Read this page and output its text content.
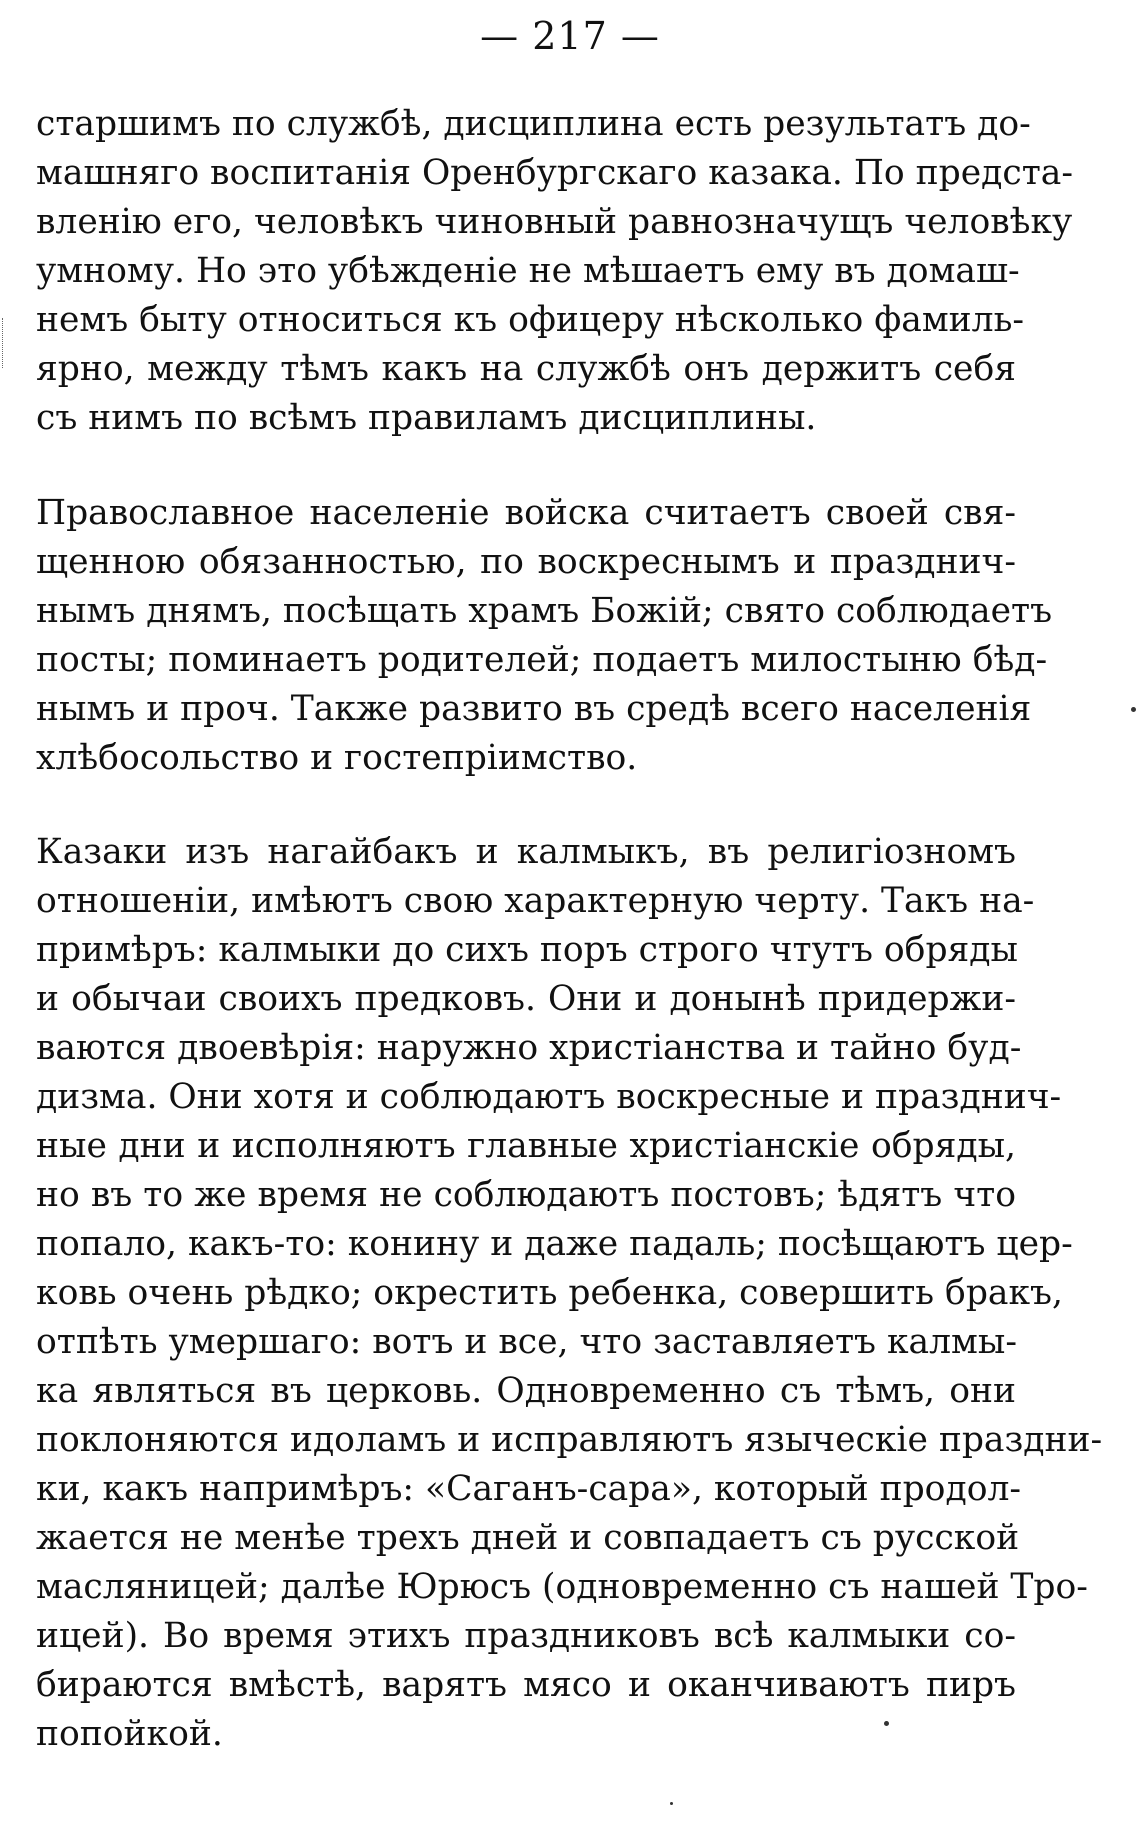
— 217 —
старшимъ по службѣ, дисциплина есть результатъ до-
машняго воспитанія Оренбургскаго казака. По предста-
вленію его, человѣкъ чиновный равнозначущъ человѣку
умному. Но это убѣжденіе не мѣшаетъ ему въ домаш-
немъ быту относиться къ офицеру нѣсколько фамиль-
ярно, между тѣмъ какъ на службѣ онъ держитъ себя
съ нимъ по всѣмъ правиламъ дисциплины.
Православное населеніе войска считаетъ своей свя-
щенною обязанностью, по воскреснымъ и празднич-
нымъ днямъ, посѣщать храмъ Божій; свято соблюдаетъ
посты; поминаетъ родителей; подаетъ милостыню бѣд-
нымъ и проч. Также развито въ средѣ всего населенія
хлѣбосольство и гостепріимство.
Казаки изъ нагайбакъ и калмыкъ, въ религіозномъ
отношеніи, имѣютъ свою характерную черту. Такъ на-
примѣръ: калмыки до сихъ поръ строго чтутъ обряды
и обычаи своихъ предковъ. Они и донынѣ придержи-
ваются двоевѣрія: наружно христіанства и тайно буд-
дизма. Они хотя и соблюдаютъ воскресные и празднич-
ные дни и исполняютъ главные христіанскіе обряды,
но въ то же время не соблюдаютъ постовъ; ѣдятъ что
попало, какъ-то: конину и даже падаль; посѣщаютъ цер-
ковь очень рѣдко; окрестить ребенка, совершить бракъ,
отпѣть умершаго: вотъ и все, что заставляетъ калмы-
ка являться въ церковь. Одновременно съ тѣмъ, они
поклоняются идоламъ и исправляютъ языческіе праздни-
ки, какъ напримѣръ: «Саганъ-сара», который продол-
жается не менѣе трехъ дней и совпадаетъ съ русской
масляницей; далѣе Юрюсъ (одновременно съ нашей Тро-
ицей). Во время этихъ праздниковъ всѣ калмыки со-
бираются вмѣстѣ, варятъ мясо и оканчиваютъ пиръ
попойкой.
